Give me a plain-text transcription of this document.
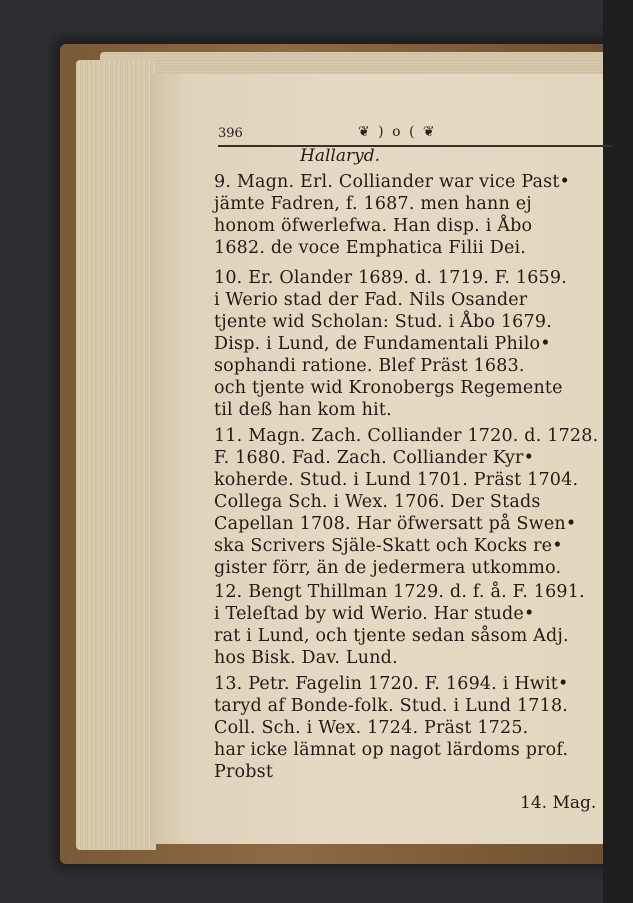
396	❦ ) o ( ❦
Hallaryd.
9. Magn. Erl. Colliander war vice Past•
jämte Fadren, f. 1687. men hann ej
honom öfwerlefwa. Han disp. i Åbo
1682. de voce Emphatica Filii Dei.
10. Er. Olander 1689. d. 1719. F. 1659.
i Werio stad der Fad. Nils Osander
tjente wid Scholan: Stud. i Åbo 1679.
Disp. i Lund, de Fundamentali Philo•
sophandi ratione. Blef Präst 1683.
och tjente wid Kronobergs Regemente
til deß han kom hit.
11. Magn. Zach. Colliander 1720. d. 1728.
F. 1680. Fad. Zach. Colliander Kyr•
koherde. Stud. i Lund 1701. Präst 1704.
Collega Sch. i Wex. 1706. Der Stads
Capellan 1708. Har öfwersatt på Swen•
ska Scrivers Själe-Skatt och Kocks re•
gister förr, än de jedermera utkommo.
12. Bengt Thillman 1729. d. f. å. F. 1691.
i Teleſtad by wid Werio. Har stude•
rat i Lund, och tjente sedan såsom Adj.
hos Bisk. Dav. Lund.
13. Petr. Fagelin 1720. F. 1694. i Hwit•
taryd af Bonde-folk. Stud. i Lund 1718.
Coll. Sch. i Wex. 1724. Präst 1725.
har icke lämnat op nagot lärdoms prof.
Probst
14. Mag.
